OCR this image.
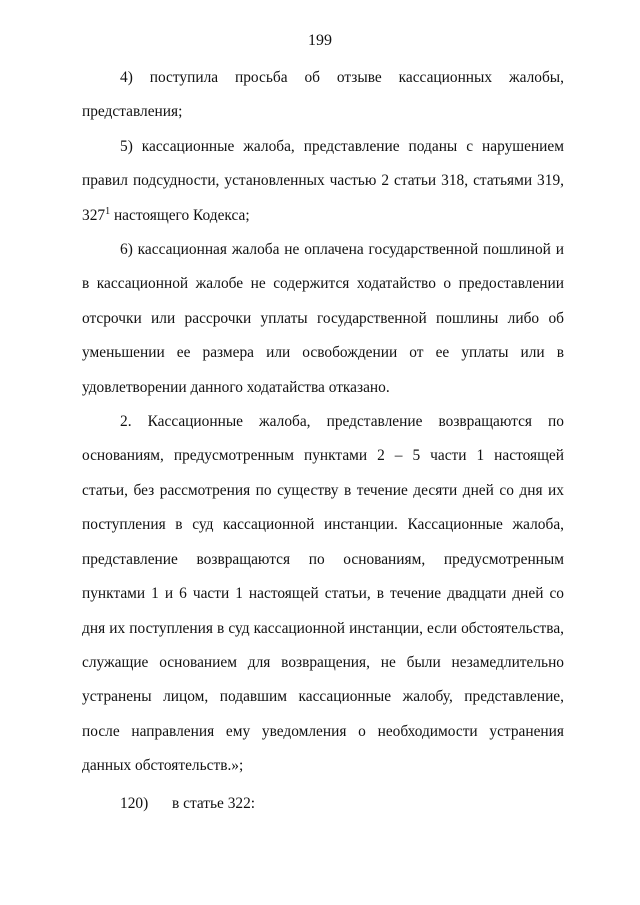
199

4) поступила просьба об отзыве кассационных жалобы, представления;

5) кассационные жалоба, представление поданы с нарушением правил подсудности, установленных частью 2 статьи 318, статьями 319, $327^1$ настоящего Кодекса;

6) кассационная жалоба не оплачена государственной пошлиной и в кассационной жалобе не содержится ходатайство о предоставлении отсрочки или рассрочки уплаты государственной пошлины либо об уменьшении ее размера или освобождении от ее уплаты или в удовлетворении данного ходатайства отказано.

2. Кассационные жалоба, представление возвращаются по основаниям, предусмотренным пунктами 2 – 5 части 1 настоящей статьи, без рассмотрения по существу в течение десяти дней со дня их поступления в суд кассационной инстанции. Кассационные жалоба, представление возвращаются по основаниям, предусмотренным пунктами 1 и 6 части 1 настоящей статьи, в течение двадцати дней со дня их поступления в суд кассационной инстанции, если обстоятельства, служащие основанием для возвращения, не были незамедлительно устранены лицом, подавшим кассационные жалобу, представление, после направления ему уведомления о необходимости устранения данных обстоятельств.»;

120) в статье 322:
